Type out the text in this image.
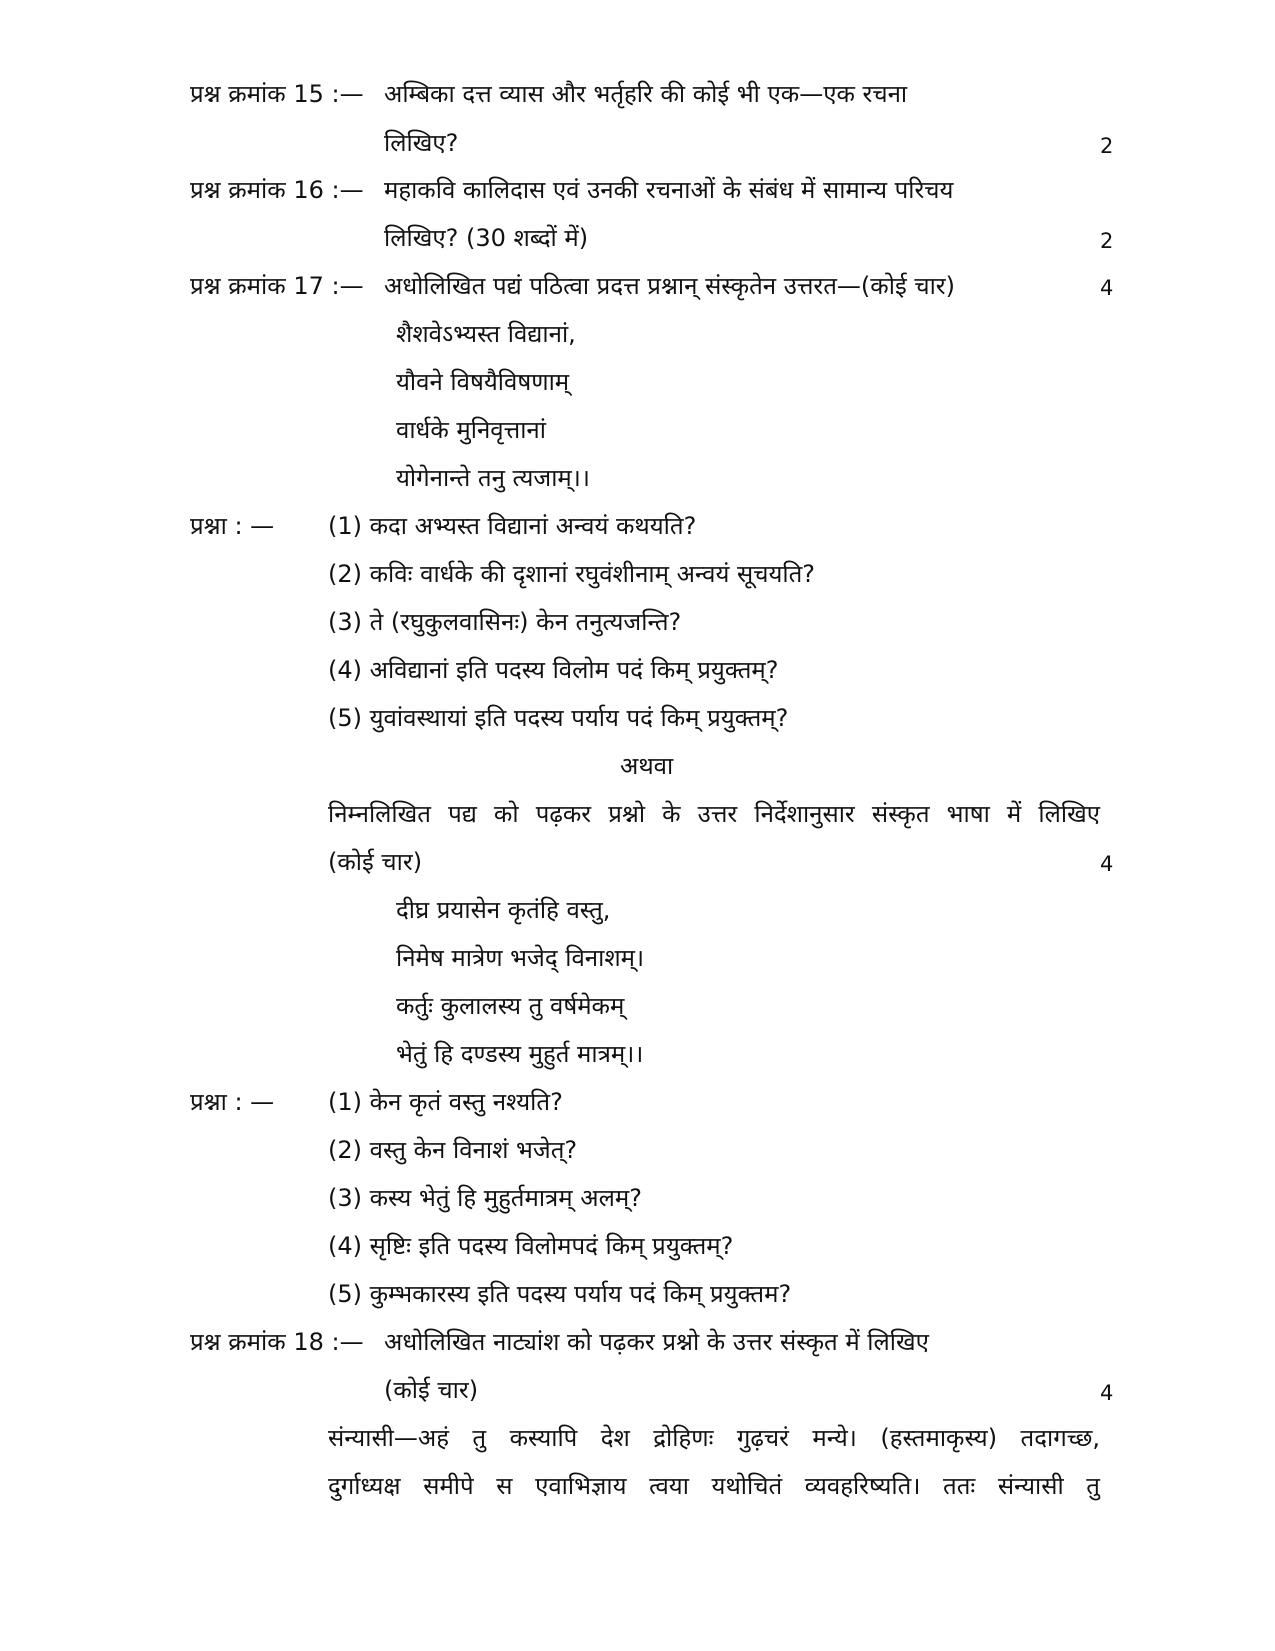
प्रश्न क्रमांक 15 :— अम्बिका दत्त व्यास और भर्तृहरि की कोई भी एक—एक रचना
लिखिए?	2
प्रश्न क्रमांक 16 :— महाकवि कालिदास एवं उनकी रचनाओं के संबंध में सामान्य परिचय
लिखिए? (30 शब्दों में)	2
प्रश्न क्रमांक 17 :— अधोलिखित पद्यं पठित्वा प्रदत्त प्रश्नान् संस्कृतेन उत्तरत—(कोई चार)	4
शैशवेऽभ्यस्त विद्यानां,
यौवने विषयैविषणाम्
वार्धके मुनिवृत्तानां
योगेनान्ते तनु त्यजाम्।।
प्रश्ना : — (1) कदा अभ्यस्त विद्यानां अन्वयं कथयति?
(2) कविः वार्धके की दृशानां रघुवंशीनाम् अन्वयं सूचयति?
(3) ते (रघुकुलवासिनः) केन तनुत्यजन्ति?
(4) अविद्यानां इति पदस्य विलोम पदं किम् प्रयुक्तम्?
(5) युवांवस्थायां इति पदस्य पर्याय पदं किम् प्रयुक्तम्?
अथवा
निम्नलिखित पद्य को पढ़कर प्रश्नो के उत्तर निर्देशानुसार संस्कृत भाषा में लिखिए
(कोई चार)	4
दीघ्र प्रयासेन कृतंहि वस्तु,
निमेष मात्रेण भजेद् विनाशम्।
कर्तुः कुलालस्य तु वर्षमेकम्
भेतुं हि दण्डस्य मुहुर्त मात्रम्।।
प्रश्ना : — (1) केन कृतं वस्तु नश्यति?
(2) वस्तु केन विनाशं भजेत्?
(3) कस्य भेतुं हि मुहुर्तमात्रम् अलम्?
(4) सृष्टिः इति पदस्य विलोमपदं किम् प्रयुक्तम्?
(5) कुम्भकारस्य इति पदस्य पर्याय पदं किम् प्रयुक्तम?
प्रश्न क्रमांक 18 :— अधोलिखित नाट्यांश को पढ़कर प्रश्नो के उत्तर संस्कृत में लिखिए
(कोई चार)	4
संन्यासी—अहं तु कस्यापि देश द्रोहिणः गुढ़चरं मन्ये। (हस्तमाकृस्य) तदागच्छ,
दुर्गाध्यक्ष समीपे स एवाभिज्ञाय त्वया यथोचितं व्यवहरिष्यति। ततः संन्यासी तु
